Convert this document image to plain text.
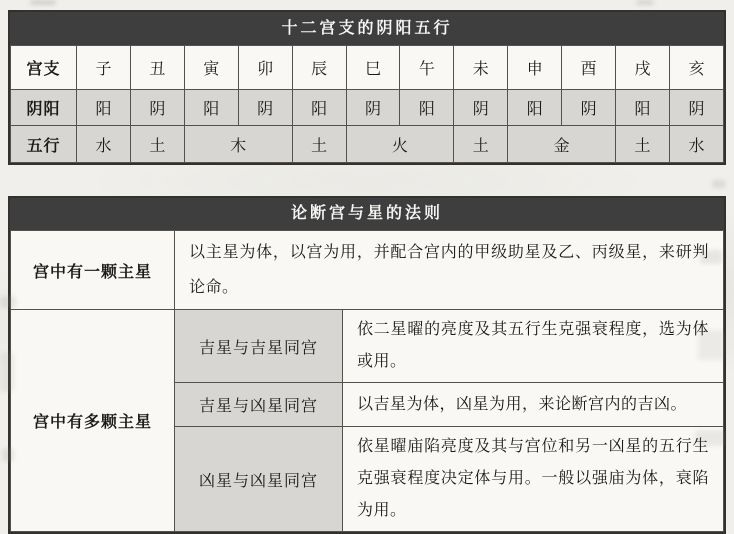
十二宫支的阴阳五行
宫支	子	丑	寅	卯	辰	巳	午	未	申	酉	戌	亥
阴阳	阳	阴	阳	阴	阳	阴	阳	阴	阳	阴	阳	阴
五行	水	土	木		土	火		土	金		土	水
论断宫与星的法则
宫中有一颗主星	以主星为体，以宫为用，并配合宫内的甲级助星及乙、丙级星，来研判论命。	
宫中有多颗主星	吉星与吉星同宫	依二星曜的亮度及其五行生克强衰程度，选为体或用。
	吉星与凶星同宫	以吉星为体，凶星为用，来论断宫内的吉凶。
	凶星与凶星同宫	依星曜庙陷亮度及其与宫位和另一凶星的五行生克强衰程度决定体与用。一般以强庙为体，衰陷为用。
